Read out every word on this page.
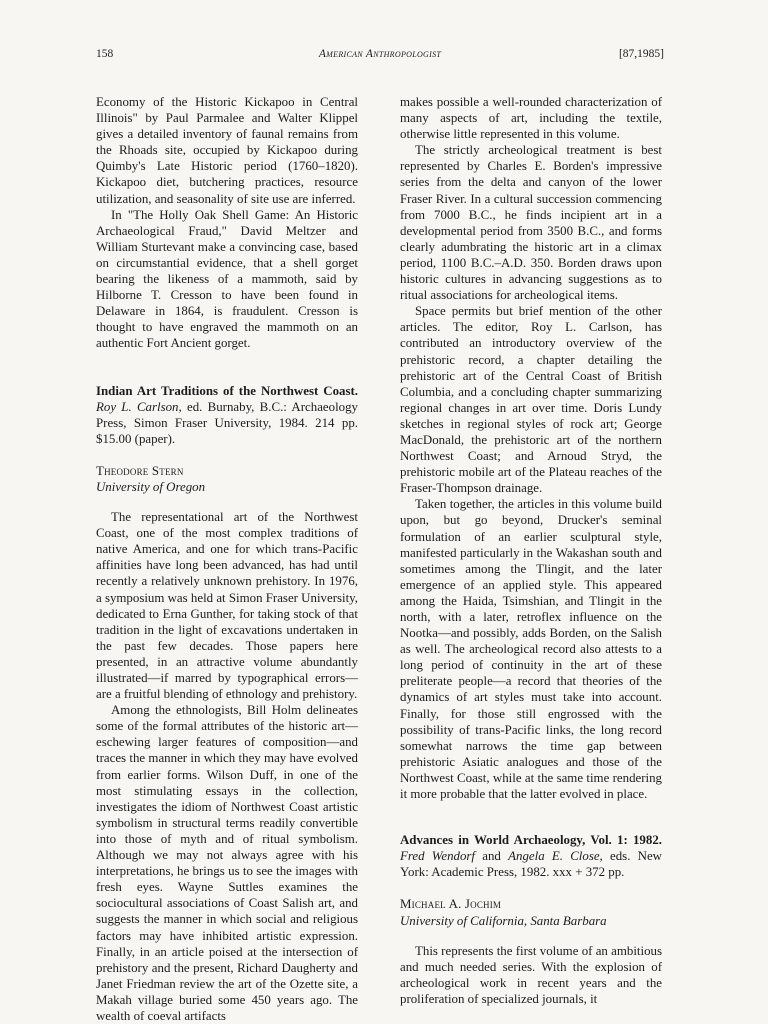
158	American Anthropologist	[87,1985]

Economy of the Historic Kickapoo in Central Illinois" by Paul Parmalee and Walter Klippel gives a detailed inventory of faunal remains from the Rhoads site, occupied by Kickapoo during Quimby's Late Historic period (1760–1820). Kickapoo diet, butchering practices, resource utilization, and seasonality of site use are inferred.

In "The Holly Oak Shell Game: An Historic Archaeological Fraud," David Meltzer and William Sturtevant make a convincing case, based on circumstantial evidence, that a shell gorget bearing the likeness of a mammoth, said by Hilborne T. Cresson to have been found in Delaware in 1864, is fraudulent. Cresson is thought to have engraved the mammoth on an authentic Fort Ancient gorget.

Indian Art Traditions of the Northwest Coast. Roy L. Carlson, ed. Burnaby, B.C.: Archaeology Press, Simon Fraser University, 1984. 214 pp. $15.00 (paper).
Theodore Stern
University of Oregon

The representational art of the Northwest Coast, one of the most complex traditions of native America, and one for which trans-Pacific affinities have long been advanced, has had until recently a relatively unknown prehistory. In 1976, a symposium was held at Simon Fraser University, dedicated to Erna Gunther, for taking stock of that tradition in the light of excavations undertaken in the past few decades. Those papers here presented, in an attractive volume abundantly illustrated—if marred by typographical errors—are a fruitful blending of ethnology and prehistory.

Among the ethnologists, Bill Holm delineates some of the formal attributes of the historic art—eschewing larger features of composition—and traces the manner in which they may have evolved from earlier forms. Wilson Duff, in one of the most stimulating essays in the collection, investigates the idiom of Northwest Coast artistic symbolism in structural terms readily convertible into those of myth and of ritual symbolism. Although we may not always agree with his interpretations, he brings us to see the images with fresh eyes. Wayne Suttles examines the sociocultural associations of Coast Salish art, and suggests the manner in which social and religious factors may have inhibited artistic expression. Finally, in an article poised at the intersection of prehistory and the present, Richard Daugherty and Janet Friedman review the art of the Ozette site, a Makah village buried some 450 years ago. The wealth of coeval artifacts

makes possible a well-rounded characterization of many aspects of art, including the textile, otherwise little represented in this volume.

The strictly archeological treatment is best represented by Charles E. Borden's impressive series from the delta and canyon of the lower Fraser River. In a cultural succession commencing from 7000 B.C., he finds incipient art in a developmental period from 3500 B.C., and forms clearly adumbrating the historic art in a climax period, 1100 B.C.–A.D. 350. Borden draws upon historic cultures in advancing suggestions as to ritual associations for archeological items.

Space permits but brief mention of the other articles. The editor, Roy L. Carlson, has contributed an introductory overview of the prehistoric record, a chapter detailing the prehistoric art of the Central Coast of British Columbia, and a concluding chapter summarizing regional changes in art over time. Doris Lundy sketches in regional styles of rock art; George MacDonald, the prehistoric art of the northern Northwest Coast; and Arnoud Stryd, the prehistoric mobile art of the Plateau reaches of the Fraser-Thompson drainage.

Taken together, the articles in this volume build upon, but go beyond, Drucker's seminal formulation of an earlier sculptural style, manifested particularly in the Wakashan south and sometimes among the Tlingit, and the later emergence of an applied style. This appeared among the Haida, Tsimshian, and Tlingit in the north, with a later, retroflex influence on the Nootka—and possibly, adds Borden, on the Salish as well. The archeological record also attests to a long period of continuity in the art of these preliterate people—a record that theories of the dynamics of art styles must take into account. Finally, for those still engrossed with the possibility of trans-Pacific links, the long record somewhat narrows the time gap between prehistoric Asiatic analogues and those of the Northwest Coast, while at the same time rendering it more probable that the latter evolved in place.

Advances in World Archaeology, Vol. 1: 1982. Fred Wendorf and Angela E. Close, eds. New York: Academic Press, 1982. xxx + 372 pp.
Michael A. Jochim
University of California, Santa Barbara

This represents the first volume of an ambitious and much needed series. With the explosion of archeological work in recent years and the proliferation of specialized journals, it
